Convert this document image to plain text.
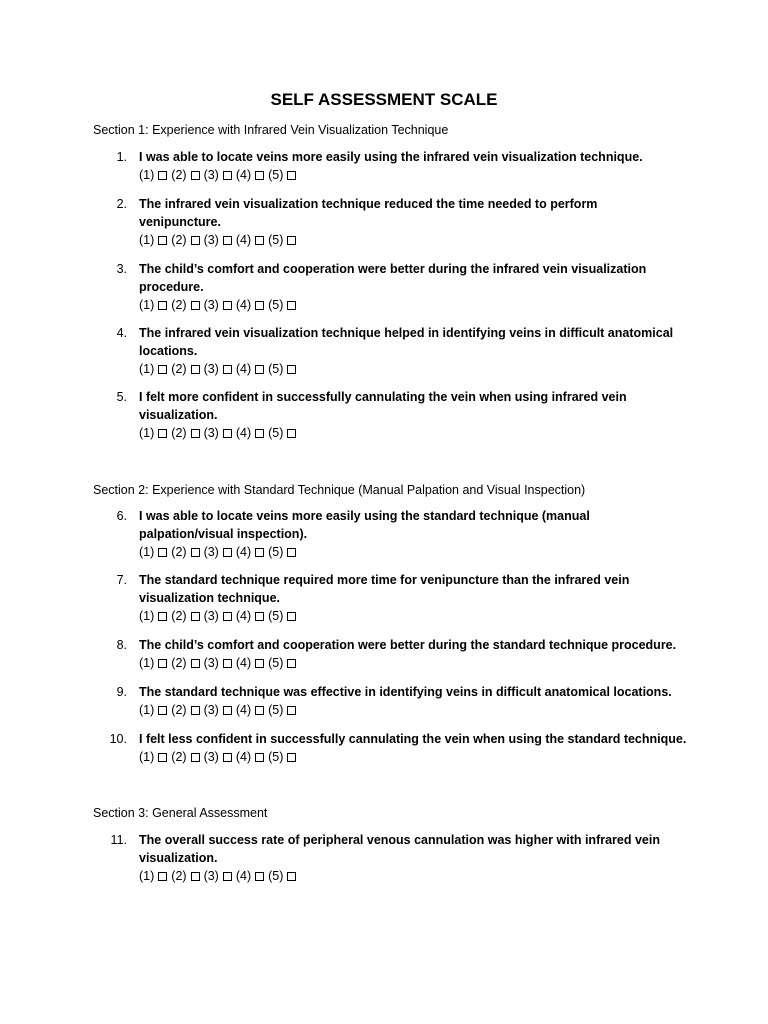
SELF ASSESSMENT SCALE

Section 1: Experience with Infrared Vein Visualization Technique

1. I was able to locate veins more easily using the infrared vein visualization technique.

(1) (2) (3) (4) (5)
2. The infrared vein visualization technique reduced the time needed to perform venipuncture.

(1) (2) (3) (4) (5)
3. The child’s comfort and cooperation were better during the infrared vein visualization procedure.

(1) (2) (3) (4) (5)
4. The infrared vein visualization technique helped in identifying veins in difficult anatomical locations.

(1) (2) (3) (4) (5)
5. I felt more confident in successfully cannulating the vein when using infrared vein visualization.

(1) (2) (3) (4) (5)

Section 2: Experience with Standard Technique (Manual Palpation and Visual Inspection)

6. I was able to locate veins more easily using the standard technique (manual palpation/visual inspection).

(1) (2) (3) (4) (5)
7. The standard technique required more time for venipuncture than the infrared vein visualization technique.

(1) (2) (3) (4) (5)
8. The child’s comfort and cooperation were better during the standard technique procedure.

(1) (2) (3) (4) (5)
9. The standard technique was effective in identifying veins in difficult anatomical locations.

(1) (2) (3) (4) (5)
10. I felt less confident in successfully cannulating the vein when using the standard technique.

(1) (2) (3) (4) (5)

Section 3: General Assessment

11. The overall success rate of peripheral venous cannulation was higher with infrared vein visualization.

(1) (2) (3) (4) (5)
